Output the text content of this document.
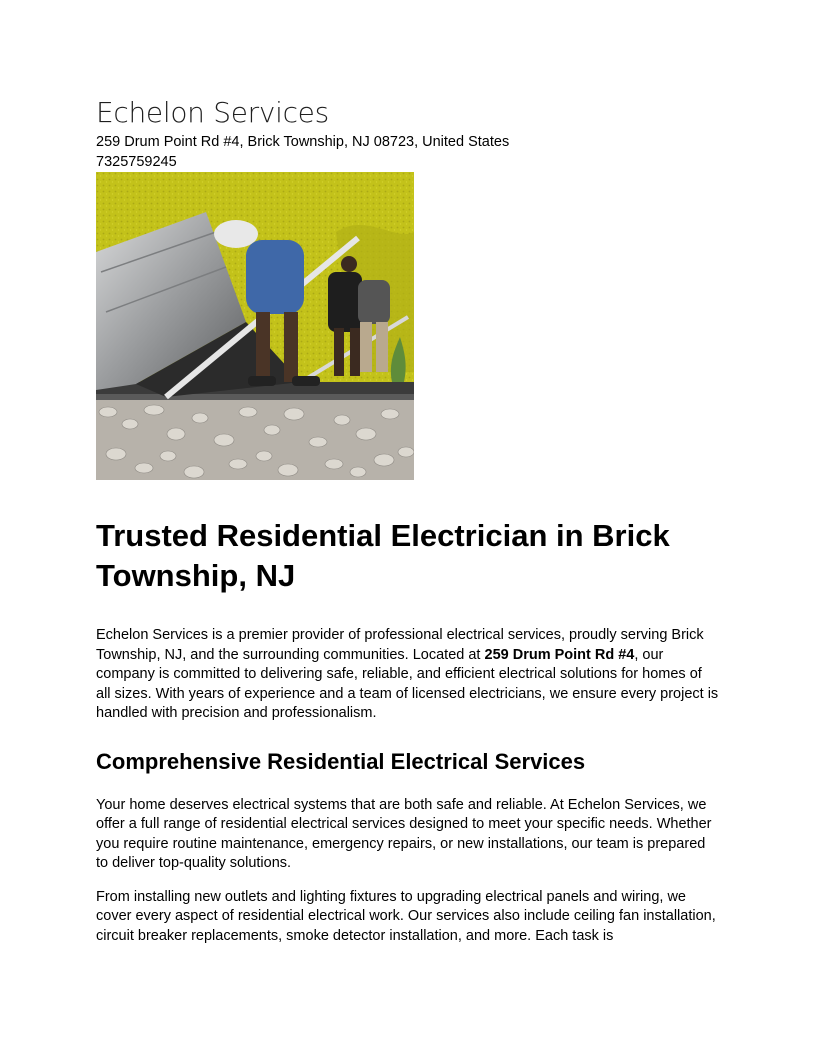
Echelon Services
259 Drum Point Rd #4, Brick Township, NJ 08723, United States
7325759245
Trusted Residential Electrician in Brick Township, NJ

Echelon Services is a premier provider of professional electrical services, proudly serving Brick Township, NJ, and the surrounding communities. Located at 259 Drum Point Rd #4, our company is committed to delivering safe, reliable, and efficient electrical solutions for homes of all sizes. With years of experience and a team of licensed electricians, we ensure every project is handled with precision and professionalism.

Comprehensive Residential Electrical Services

Your home deserves electrical systems that are both safe and reliable. At Echelon Services, we offer a full range of residential electrical services designed to meet your specific needs. Whether you require routine maintenance, emergency repairs, or new installations, our team is prepared to deliver top-quality solutions.

From installing new outlets and lighting fixtures to upgrading electrical panels and wiring, we cover every aspect of residential electrical work. Our services also include ceiling fan installation, circuit breaker replacements, smoke detector installation, and more. Each task is
